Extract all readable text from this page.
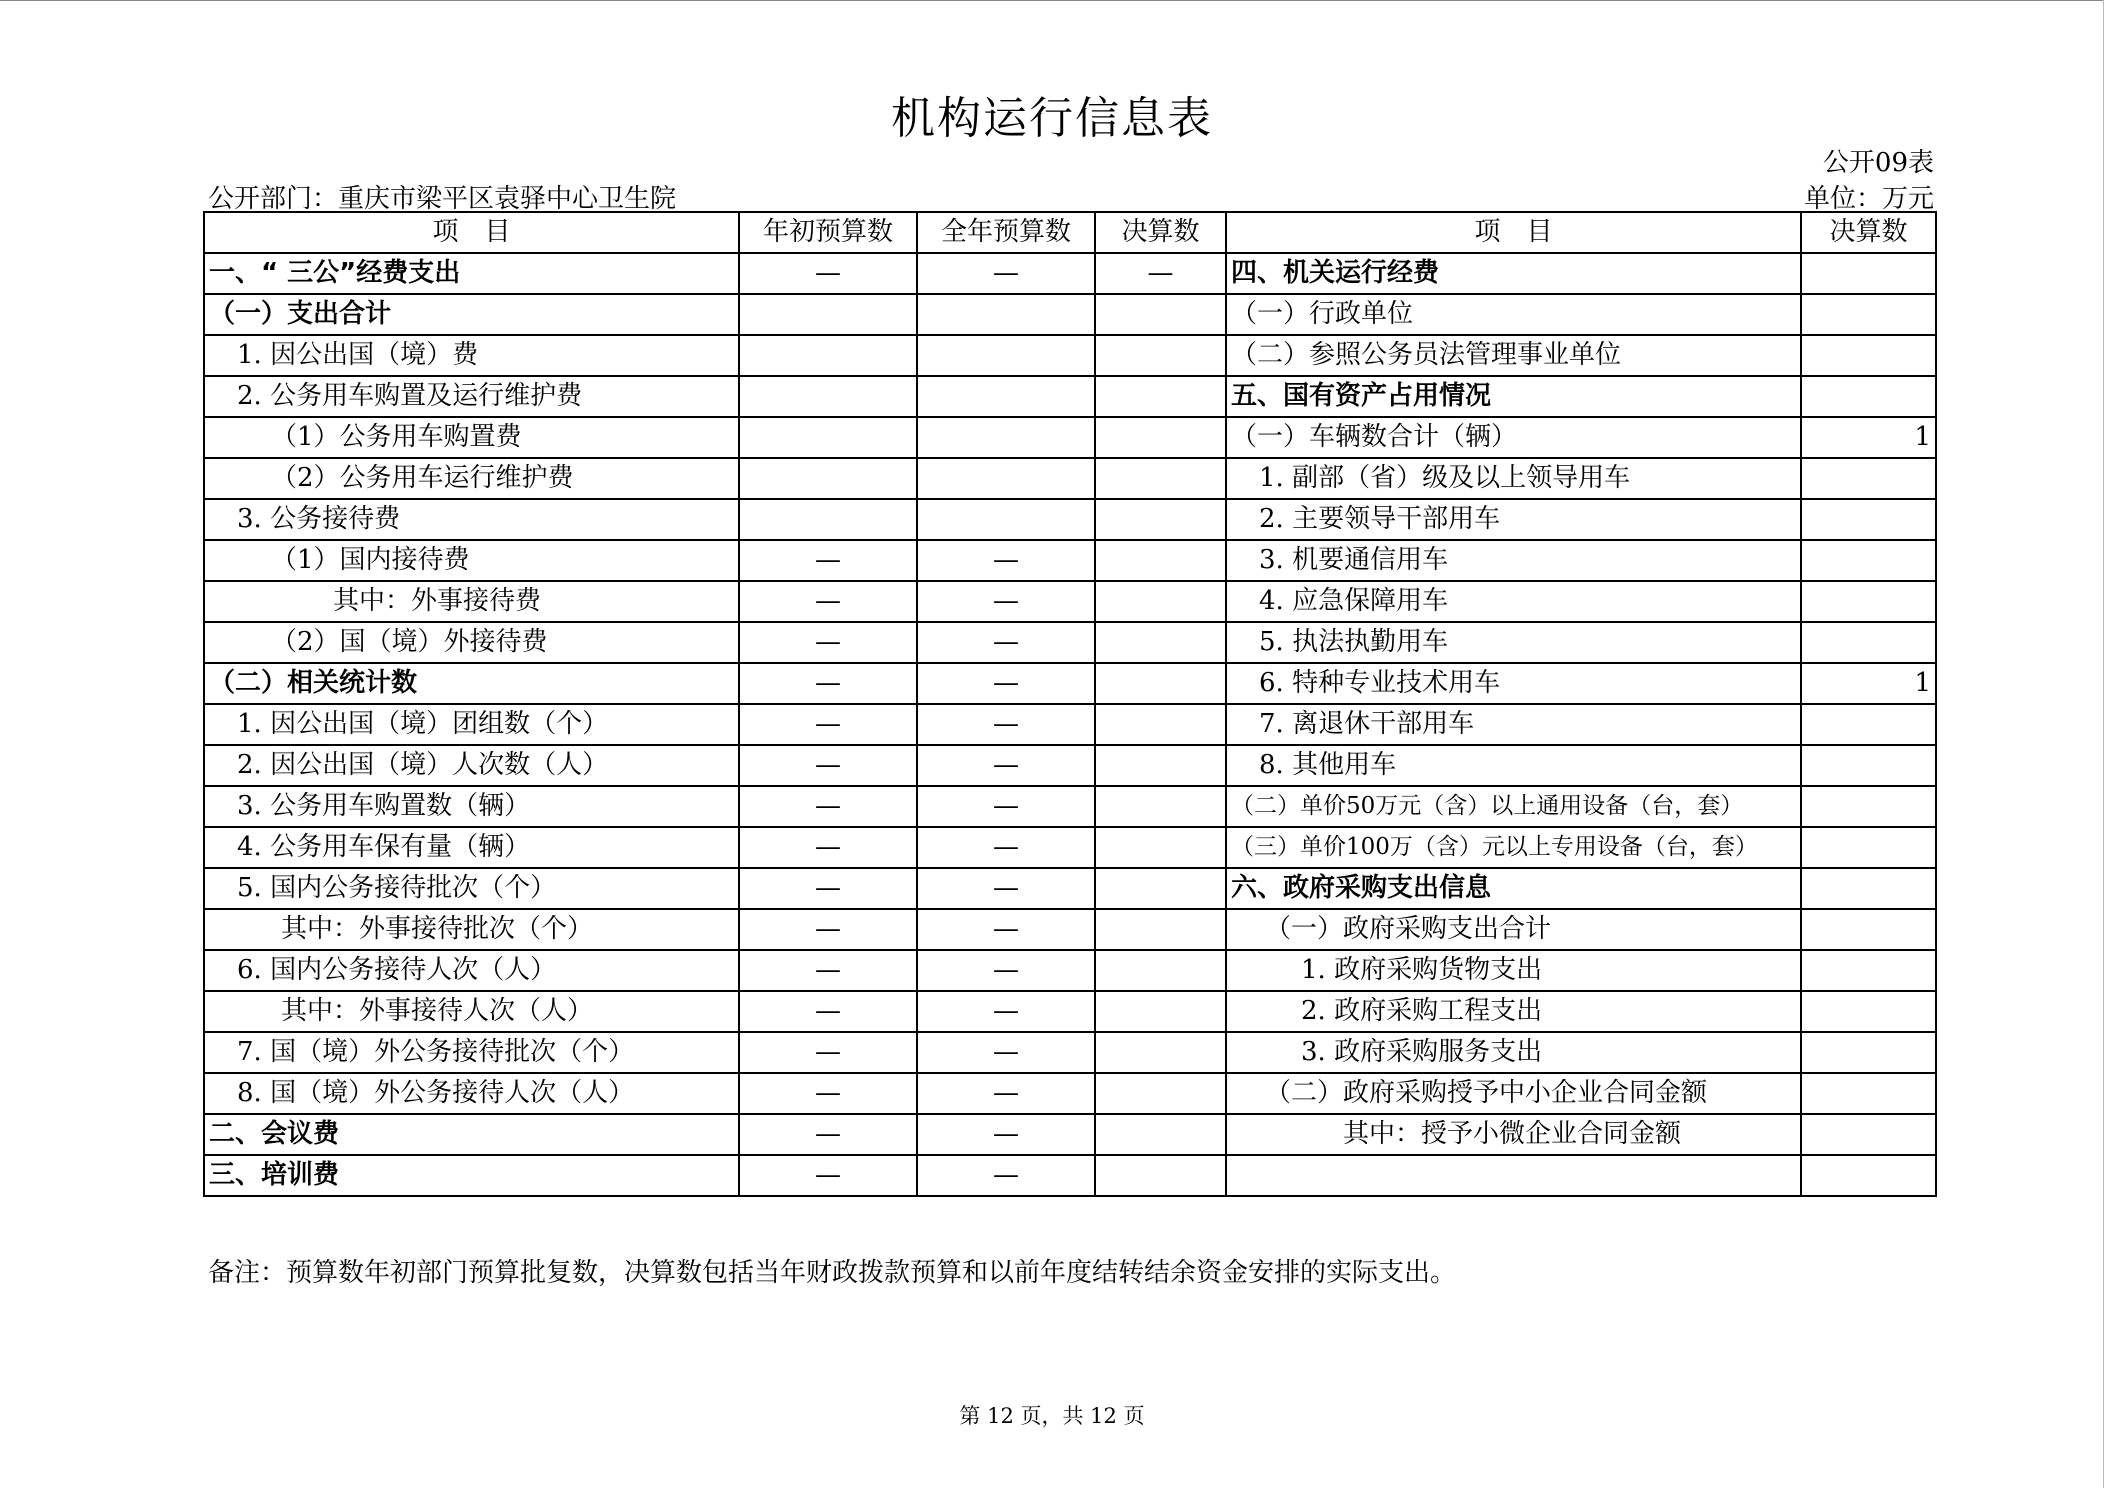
机构运行信息表
公开09表
公开部门：重庆市梁平区袁驿中心卫生院	单位：万元
项　目	年初预算数	全年预算数	决算数	项　目	决算数
一、“ 三公”经费支出	—	—	—	四、机关运行经费	
（一）支出合计				（一）行政单位	
1. 因公出国（境）费				（二）参照公务员法管理事业单位	
2. 公务用车购置及运行维护费				五、国有资产占用情况	
（1）公务用车购置费				（一）车辆数合计（辆）	1
（2）公务用车运行维护费				1. 副部（省）级及以上领导用车	
3. 公务接待费				2. 主要领导干部用车	
（1）国内接待费	—	—		3. 机要通信用车	
其中：外事接待费	—	—		4. 应急保障用车	
（2）国（境）外接待费	—	—		5. 执法执勤用车	
（二）相关统计数	—	—		6. 特种专业技术用车	1
1. 因公出国（境）团组数（个）	—	—		7. 离退休干部用车	
2. 因公出国（境）人次数（人）	—	—		8. 其他用车	
3. 公务用车购置数（辆）	—	—		（二）单价50万元（含）以上通用设备（台，套）	
4. 公务用车保有量（辆）	—	—		（三）单价100万（含）元以上专用设备（台，套）	
5. 国内公务接待批次（个）	—	—		六、政府采购支出信息	
其中：外事接待批次（个）	—	—		（一）政府采购支出合计	
6. 国内公务接待人次（人）	—	—		1. 政府采购货物支出	
其中：外事接待人次（人）	—	—		2. 政府采购工程支出	
7. 国（境）外公务接待批次（个）	—	—		3. 政府采购服务支出	
8. 国（境）外公务接待人次（人）	—	—		（二）政府采购授予中小企业合同金额	
二、会议费	—	—		其中：授予小微企业合同金额	
三、培训费	—	—			
备注：预算数年初部门预算批复数，决算数包括当年财政拨款预算和以前年度结转结余资金安排的实际支出。
第 12 页，共 12 页
